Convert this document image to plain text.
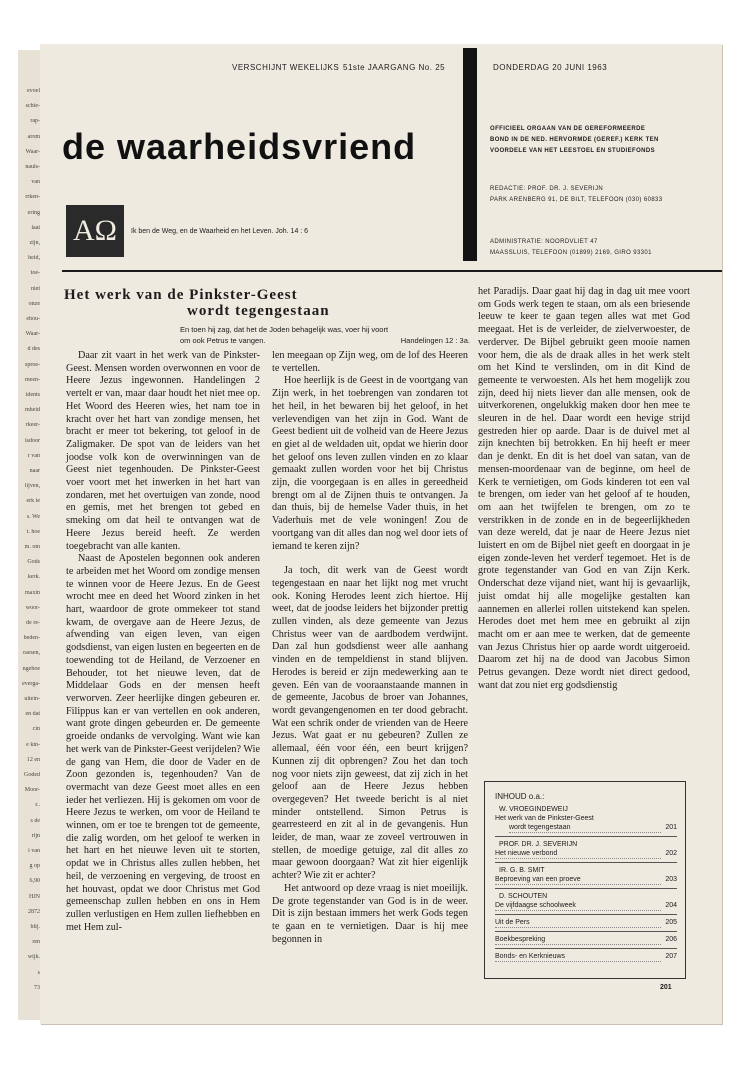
evoel
schie-
rap-
arom
Waar-
nauls-
van
rrken-
ering
laat
zijn,
heid,
toe-
niet
onze
ehou-
Waar-
d des
sproe-
meen-
idents
mheid
rkeer-
isdoor
r van
naar
lijven,
erk te
s. We
t. hoe
m. om
Gods
kerk.
maxin
woor-
de re-
beden-
raesen,
ngeboe
everga-
uitein-
en dat
cin
e kin-
12 en
Goded
Moor-
r..
s de
rijn
i van
g op
6,90
HJN
2872
blij.
ren
wijk.
s
73
VERSCHIJNT WEKELIJKS 51ste JAARGANG No. 25	DONDERDAG 20 JUNI 1963
de waarheidsvriend	OFFICIEEL ORGAAN VAN DE GEREFORMEERDE
BOND IN DE NED. HERVORMDE (GEREF.) KERK TEN
VOORDELE VAN HET LEESTOEL EN STUDIEFONDS
REDACTIE: PROF. DR. J. SEVERIJN
PARK ARENBERG 91, DE BILT, TELEFOON (030) 60833
ADMINISTRATIE: NOORDVLIET 47
MAASSLUIS, TELEFOON (01899) 2169, GIRO 93301
AΩ	Ik ben de Weg, en de Waarheid en het Leven. Joh. 14 : 6
Het werk van de Pinkster-Geest
wordt tegengestaan
En toen hij zag, dat het de Joden behagelijk was, voer hij voort
om ook Petrus te vangen.	Handelingen 12 : 3a.

Daar zit vaart in het werk van de Pinkster-Geest. Mensen worden overwonnen en voor de Heere Jezus ingewonnen. Handelingen 2 vertelt er van, maar daar houdt het niet mee op. Het Woord des Heeren wies, het nam toe in kracht over het hart van zondige mensen, het bracht er meer tot bekering, tot geloof in de Zaligmaker. De spot van de leiders van het joodse volk kon de overwinningen van de Geest niet tegenhouden. De Pinkster-Geest voer voort met het inwerken in het hart van zondaren, met het overtuigen van zonde, nood en gemis, met het brengen tot gebed en smeking om dat heil te ontvangen wat de Heere Jezus bereid heeft. Ze werden toegebracht van alle kanten.

Naast de Apostelen begonnen ook anderen te arbeiden met het Woord om zondige mensen te winnen voor de Heere Jezus. En de Geest wrocht mee en deed het Woord zinken in het hart, waardoor de grote ommekeer tot stand kwam, de overgave aan de Heere Jezus, de afwending van eigen leven, van eigen godsdienst, van eigen lusten en begeerten en de toewending tot de Heiland, de Verzoener en Behouder, tot het nieuwe leven, dat de Middelaar Gods en der mensen heeft verworven. Zeer heerlijke dingen gebeuren er. Filippus kan er van vertellen en ook anderen, want grote dingen gebeurden er. De gemeente groeide ondanks de vervolging. Want wie kan het werk van de Pinkster-Geest verijdelen? Wie de gang van Hem, die door de Vader en de Zoon gezonden is, tegenhouden? Van de overmacht van deze Geest moet alles en een ieder het verliezen. Hij is gekomen om voor de Heere Jezus te werken, om voor de Heiland te winnen, om er toe te brengen tot de gemeente, die zalig worden, om het geloof te werken in het hart en het nieuwe leven uit te storten, opdat we in Christus alles zullen hebben, het heil, de verzoening en vergeving, de troost en het houvast, opdat we door Christus met God gemeenschap zullen hebben en ons in Hem zullen verlustigen en Hem zullen liefhebben en met Hem zul-

len meegaan op Zijn weg, om de lof des Heeren te vertellen.

Hoe heerlijk is de Geest in de voortgang van Zijn werk, in het toebrengen van zondaren tot het heil, in het bewaren bij het geloof, in het verlevendigen van het zijn in God. Want de Geest bedient uit de volheid van de Heere Jezus en giet al de weldaden uit, opdat we hierin door het geloof ons leven zullen vinden en zo klaar gemaakt zullen worden voor het bij Christus zijn, die voorgegaan is en alles in gereedheid brengt om al de Zijnen thuis te ontvangen. Ja dan thuis, bij de hemelse Vader thuis, in het Vaderhuis met de vele woningen! Zou de voortgang van dit alles dan nog wel door iets of iemand te keren zijn?

Ja toch, dit werk van de Geest wordt tegengestaan en naar het lijkt nog met vrucht ook. Koning Herodes leent zich hiertoe. Hij weet, dat de joodse leiders het bijzonder prettig zullen vinden, als deze gemeente van Jezus Christus weer van de aardbodem verdwijnt. Dan zal hun godsdienst weer alle aanhang vinden en de tempeldienst in stand blijven. Herodes is bereid er zijn medewerking aan te geven. Eén van de vooraanstaande mannen in de gemeente, Jacobus de broer van Johannes, wordt gevangengenomen en ter dood gebracht. Wat een schrik onder de vrienden van de Heere Jezus. Wat gaat er nu gebeuren? Zullen ze allemaal, één voor één, een beurt krijgen? Kunnen zij dit opbrengen? Zou het dan toch nog voor niets zijn geweest, dat zij zich in het geloof aan de Heere Jezus hebben overgegeven? Het tweede bericht is al niet minder ontstellend. Simon Petrus is gearresteerd en zit al in de gevangenis. Hun leider, de man, waar ze zoveel vertrouwen in stellen, de moedige getuige, zal dit alles zo maar gewoon doorgaan? Wat zit hier eigenlijk achter? Wie zit er achter?

Het antwoord op deze vraag is niet moeilijk. De grote tegenstander van God is in de weer. Dit is zijn bestaan immers het werk Gods tegen te gaan en te vernietigen. Daar is hij mee begonnen in

het Paradijs. Daar gaat hij dag in dag uit mee voort om Gods werk tegen te staan, om als een briesende leeuw te keer te gaan tegen alles wat met God meegaat. Het is de verleider, de zielverwoester, de verderver. De Bijbel gebruikt geen mooie namen voor hem, die als de draak alles in het werk stelt om het Kind te verslinden, om in dit Kind de gemeente te verwoesten. Als het hem mogelijk zou zijn, deed hij niets liever dan alle mensen, ook de uitverkorenen, ongelukkig maken door hen mee te sleuren in de hel. Daar wordt een hevige strijd gestreden hier op aarde. Daar is de duivel met al zijn knechten bij betrokken. En hij heeft er meer dan je denkt. En dit is het doel van satan, van de mensen-moordenaar van de beginne, om heel de Kerk te vernietigen, om Gods kinderen tot een val te brengen, om ieder van het geloof af te houden, om aan het twijfelen te brengen, om zo te verstrikken in de zonde en in de begeerlijkheden van deze wereld, dat je naar de Heere Jezus niet luistert en om de Bijbel niet geeft en doorgaat in je eigen zonde-leven het verderf tegemoet. Het is de grote tegenstander van God en van Zijn Kerk. Onderschat deze vijand niet, want hij is gevaarlijk, juist omdat hij alle mogelijke gestalten kan aannemen en allerlei rollen uitstekend kan spelen. Herodes doet met hem mee en gebruikt al zijn macht om er aan mee te werken, dat de gemeente van Jezus Christus hier op aarde wordt uitgeroeid. Daarom zet hij na de dood van Jacobus Simon Petrus gevangen. Deze wordt niet direct gedood, want dat zou niet erg godsdienstig

INHOUD o.a.:
W. VROEGINDEWEIJ
Het werk van de Pinkster-Geest
wordt tegengestaan	201
PROF. DR. J. SEVERIJN
Het nieuwe verbond	202
IR. G. B. SMIT
Beproeving van een proeve	203
D. SCHOUTEN
De vijfdaagse schoolweek	204
Uit de Pers	205
Boekbespreking	206
Bonds- en Kerknieuws	207
201
